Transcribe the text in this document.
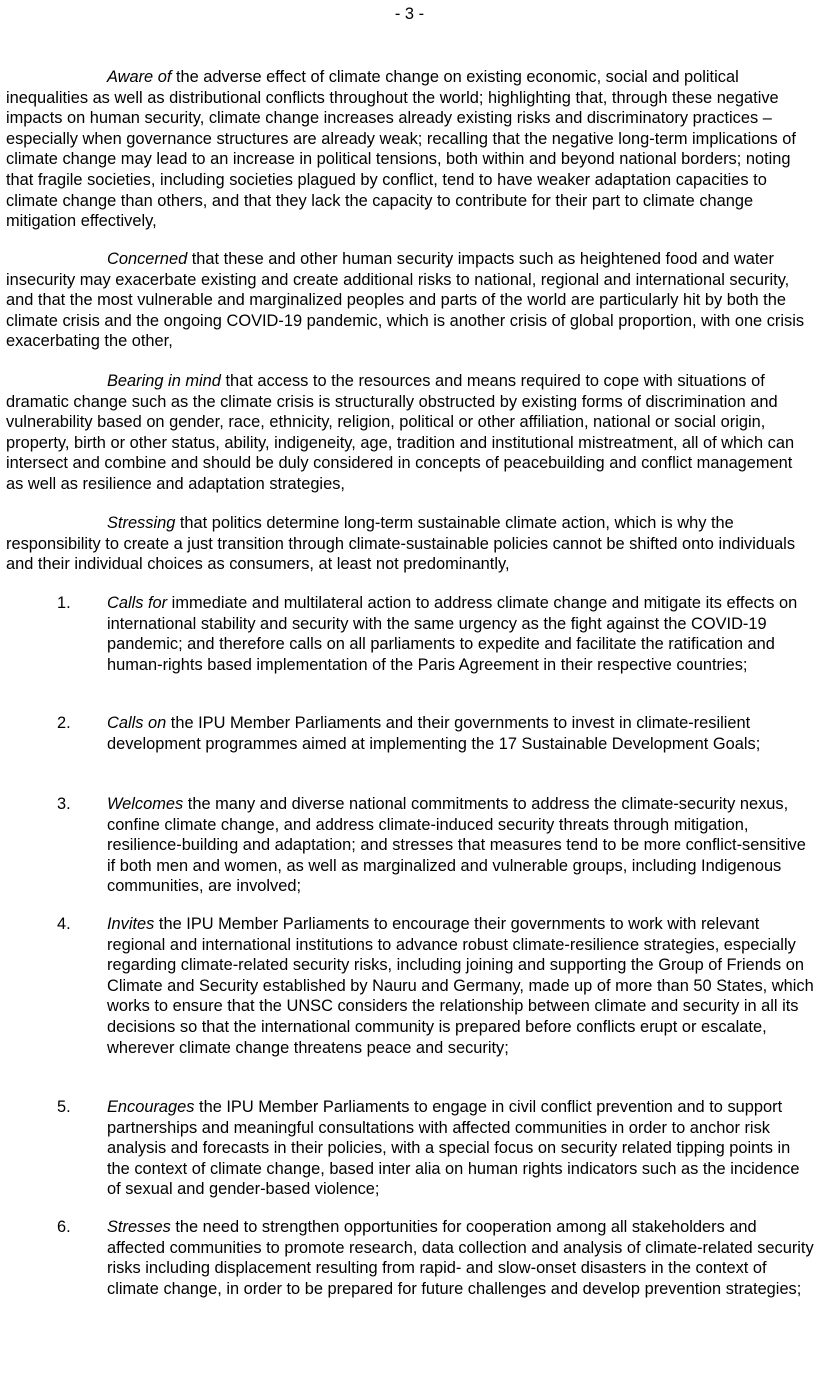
- 3 -

Aware of the adverse effect of climate change on existing economic, social and political inequalities as well as distributional conflicts throughout the world; highlighting that, through these negative impacts on human security, climate change increases already existing risks and discriminatory practices – especially when governance structures are already weak; recalling that the negative long-term implications of climate change may lead to an increase in political tensions, both within and beyond national borders; noting that fragile societies, including societies plagued by conflict, tend to have weaker adaptation capacities to climate change than others, and that they lack the capacity to contribute for their part to climate change mitigation effectively,

Concerned that these and other human security impacts such as heightened food and water insecurity may exacerbate existing and create additional risks to national, regional and international security, and that the most vulnerable and marginalized peoples and parts of the world are particularly hit by both the climate crisis and the ongoing COVID-19 pandemic, which is another crisis of global proportion, with one crisis exacerbating the other,

Bearing in mind that access to the resources and means required to cope with situations of dramatic change such as the climate crisis is structurally obstructed by existing forms of discrimination and vulnerability based on gender, race, ethnicity, religion, political or other affiliation, national or social origin, property, birth or other status, ability, indigeneity, age, tradition and institutional mistreatment, all of which can intersect and combine and should be duly considered in concepts of peacebuilding and conflict management as well as resilience and adaptation strategies,

Stressing that politics determine long-term sustainable climate action, which is why the responsibility to create a just transition through climate-sustainable policies cannot be shifted onto individuals and their individual choices as consumers, at least not predominantly,

1.	Calls for immediate and multilateral action to address climate change and mitigate its effects on international stability and security with the same urgency as the fight against the COVID-19 pandemic; and therefore calls on all parliaments to expedite and facilitate the ratification and human-rights based implementation of the Paris Agreement in their respective countries;

2.	Calls on the IPU Member Parliaments and their governments to invest in climate-resilient development programmes aimed at implementing the 17 Sustainable Development Goals;

3.	Welcomes the many and diverse national commitments to address the climate-security nexus, confine climate change, and address climate-induced security threats through mitigation, resilience-building and adaptation; and stresses that measures tend to be more conflict-sensitive if both men and women, as well as marginalized and vulnerable groups, including Indigenous communities, are involved;

4.	Invites the IPU Member Parliaments to encourage their governments to work with relevant regional and international institutions to advance robust climate-resilience strategies, especially regarding climate-related security risks, including joining and supporting the Group of Friends on Climate and Security established by Nauru and Germany, made up of more than 50 States, which works to ensure that the UNSC considers the relationship between climate and security in all its decisions so that the international community is prepared before conflicts erupt or escalate, wherever climate change threatens peace and security;

5.	Encourages the IPU Member Parliaments to engage in civil conflict prevention and to support partnerships and meaningful consultations with affected communities in order to anchor risk analysis and forecasts in their policies, with a special focus on security related tipping points in the context of climate change, based inter alia on human rights indicators such as the incidence of sexual and gender-based violence;

6.	Stresses the need to strengthen opportunities for cooperation among all stakeholders and affected communities to promote research, data collection and analysis of climate-related security risks including displacement resulting from rapid- and slow-onset disasters in the context of climate change, in order to be prepared for future challenges and develop prevention strategies;
